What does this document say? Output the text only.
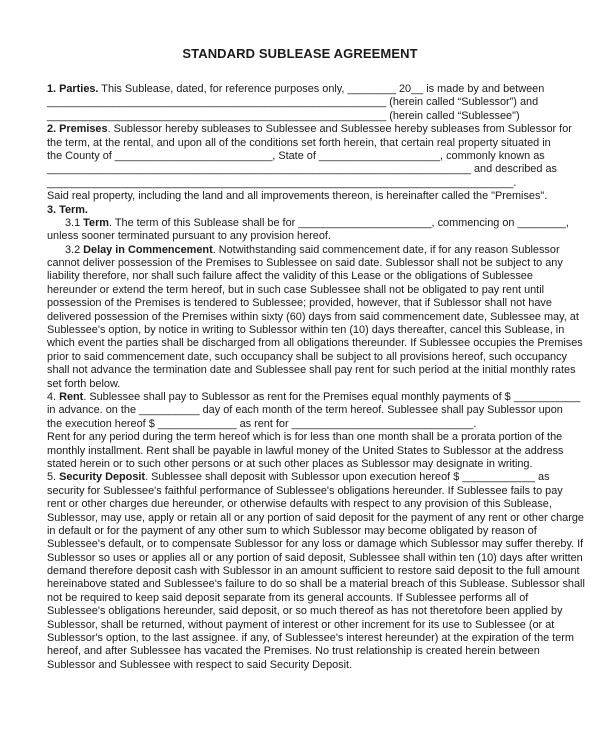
STANDARD SUBLEASE AGREEMENT
1. Parties. This Sublease, dated, for reference purposes only, ________ 20__ is made by and between
________________________________________________________ (herein called “Sublessor”) and
________________________________________________________ (herein called “Sublessee")
2. Premises. Sublessor hereby subleases to Sublessee and Sublessee hereby subleases from Sublessor for
the term, at the rental, and upon all of the conditions set forth herein, that certain real property situated in
the County of __________________________, State of ____________________, commonly known as
______________________________________________________________________ and described as
_____________________________________________________________________________.
Said real property, including the land and all improvements thereon, is hereinafter called the "Premises".
3. Term.
3.1 Term. The term of this Sublease shall be for ______________________, commencing on ________,
unless sooner terminated pursuant to any provision hereof.
3.2 Delay in Commencement. Notwithstanding said commencement date, if for any reason Sublessor
cannot deliver possession of the Premises to Sublessee on said date. Sublessor shall not be subject to any
liability therefore, nor shall such failure affect the validity of this Lease or the obligations of Sublessee
hereunder or extend the term hereof, but in such case Sublessee shall not be obligated to pay rent until
possession of the Premises is tendered to Sublessee; provided, however, that if Sublessor shall not have
delivered possession of the Premises within sixty (60) days from said commencement date, Sublessee may, at
Sublessee's option, by notice in writing to Sublessor within ten (10) days thereafter, cancel this Sublease, in
which event the parties shall be discharged from all obligations thereunder. If Sublessee occupies the Premises
prior to said commencement date, such occupancy shall be subject to all provisions hereof, such occupancy
shall not advance the termination date and Sublessee shall pay rent for such period at the initial monthly rates
set forth below.
4. Rent. Sublessee shall pay to Sublessor as rent for the Premises equal monthly payments of $ ___________
in advance. on the __________ day of each month of the term hereof. Sublessee shall pay Sublessor upon
the execution hereof $ _____________ as rent for ______________________________.
Rent for any period during the term hereof which is for less than one month shall be a prorata portion of the
monthly installment. Rent shall be payable in lawful money of the United States to Sublessor at the address
stated herein or to such other persons or at such other places as Sublessor may designate in writing.
5. Security Deposit. Sublessee shall deposit with Sublessor upon execution hereof $ ____________ as
security for Sublessee's faithful performance of Sublessee's obligations hereunder. If Sublessee fails to pay
rent or other charges due hereunder, or otherwise defaults with respect to any provision of this Sublease,
Sublessor, may use, apply or retain all or any portion of said deposit for the payment of any rent or other charge
in default or for the payment of any other sum to which Sublessor may become obligated by reason of
Sublessee's default, or to compensate Sublessor for any loss or damage which Sublessor may suffer thereby. If
Sublessor so uses or applies all or any portion of said deposit, Sublessee shall within ten (10) days after written
demand therefore deposit cash with Sublessor in an amount sufficient to restore said deposit to the full amount
hereinabove stated and Sublessee's failure to do so shall be a material breach of this Sublease. Sublessor shall
not be required to keep said deposit separate from its general accounts. If Sublessee performs all of
Sublessee's obligations hereunder, said deposit, or so much thereof as has not theretofore been applied by
Sublessor, shall be returned, without payment of interest or other increment for its use to Sublessee (or at
Sublessor's option, to the last assignee. if any, of Sublessee's interest hereunder) at the expiration of the term
hereof, and after Sublessee has vacated the Premises. No trust relationship is created herein between
Sublessor and Sublessee with respect to said Security Deposit.
